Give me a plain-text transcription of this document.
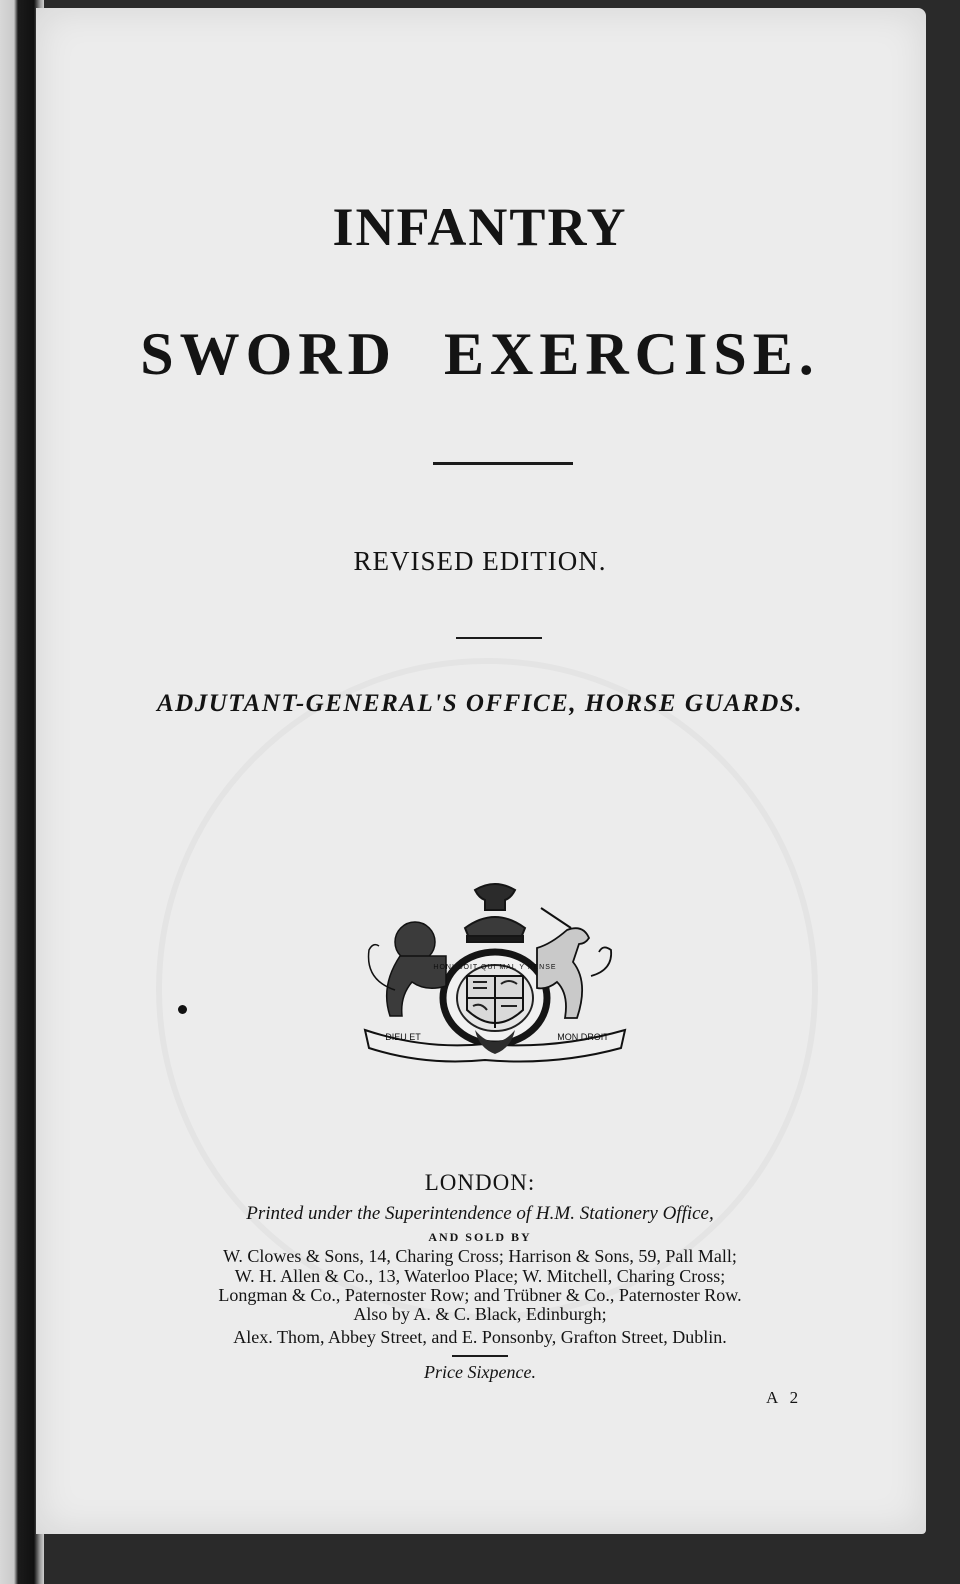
INFANTRY
SWORD EXERCISE.
REVISED EDITION.
ADJUTANT-GENERAL'S OFFICE, HORSE GUARDS.
HONI SOIT QUI MAL Y PENSE
DIEU ET	MON DROIT
LONDON:
Printed under the Superintendence of H.M. Stationery Office,
AND SOLD BY
W. Clowes & Sons, 14, Charing Cross; Harrison & Sons, 59, Pall Mall;
W. H. Allen & Co., 13, Waterloo Place; W. Mitchell, Charing Cross;
Longman & Co., Paternoster Row; and Trübner & Co., Paternoster Row.
Also by A. & C. Black, Edinburgh;
Alex. Thom, Abbey Street, and E. Ponsonby, Grafton Street, Dublin.
Price Sixpence.
A 2
